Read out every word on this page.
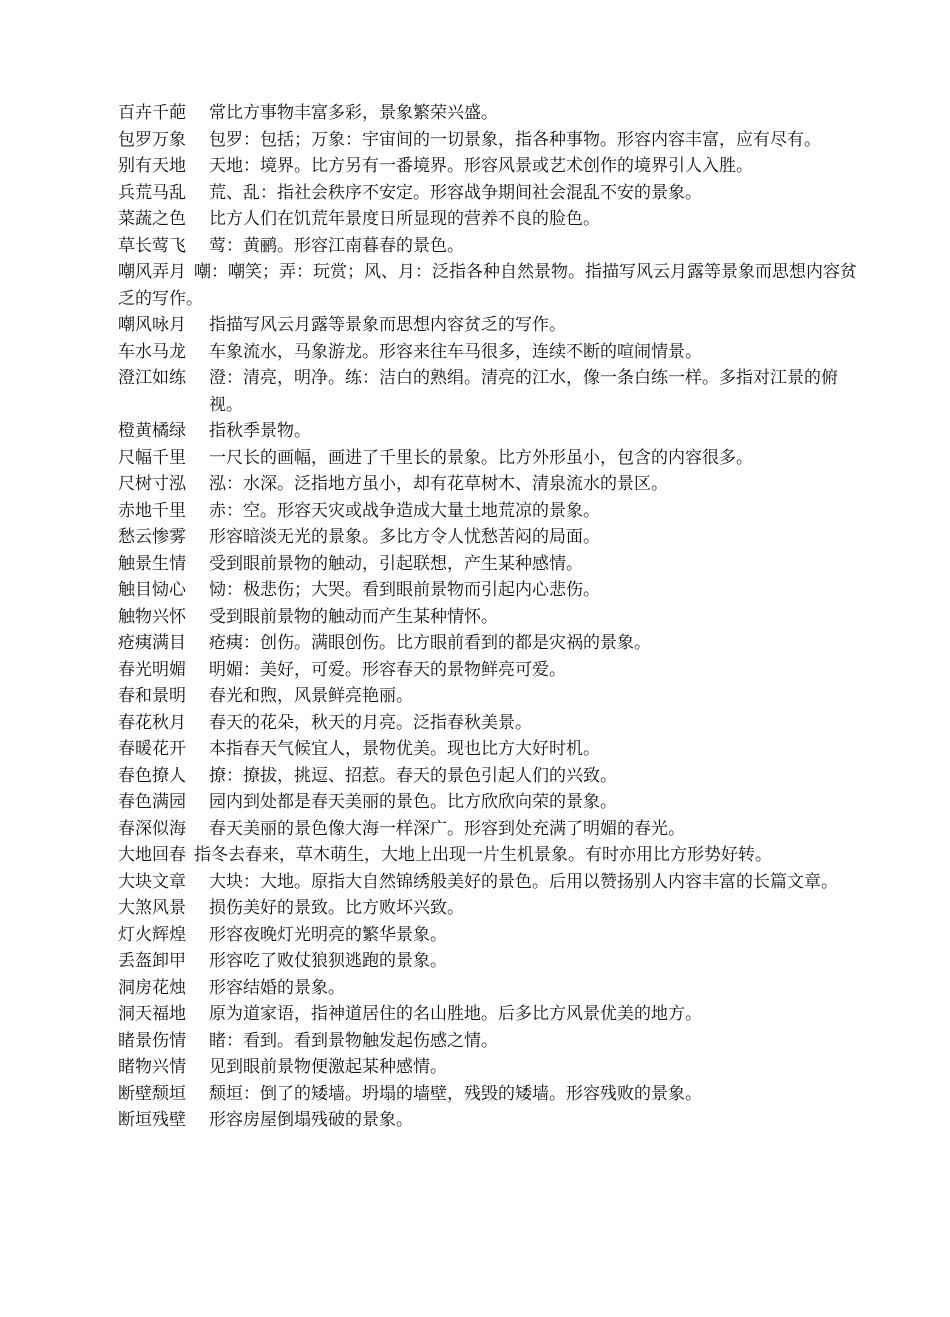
百卉千葩	常比方事物丰富多彩，景象繁荣兴盛。
包罗万象	包罗：包括；万象：宇宙间的一切景象，指各种事物。形容内容丰富，应有尽有。
别有天地	天地：境界。比方另有一番境界。形容风景或艺术创作的境界引人入胜。
兵荒马乱	荒、乱：指社会秩序不安定。形容战争期间社会混乱不安的景象。
菜蔬之色	比方人们在饥荒年景度日所显现的营养不良的脸色。
草长莺飞	莺：黄鹂。形容江南暮春的景色。
嘲风弄月 嘲：嘲笑；弄：玩赏；风、月：泛指各种自然景物。指描写风云月露等景象而思想内容贫乏的写作。
嘲风咏月	指描写风云月露等景象而思想内容贫乏的写作。
车水马龙	车象流水，马象游龙。形容来往车马很多，连续不断的喧闹情景。
澄江如练	澄：清亮，明净。练：洁白的熟绢。清亮的江水，像一条白练一样。多指对江景的俯视。
橙黄橘绿	指秋季景物。
尺幅千里	一尺长的画幅，画进了千里长的景象。比方外形虽小，包含的内容很多。
尺树寸泓	泓：水深。泛指地方虽小，却有花草树木、清泉流水的景区。
赤地千里	赤：空。形容天灾或战争造成大量土地荒凉的景象。
愁云惨雾	形容暗淡无光的景象。多比方令人忧愁苦闷的局面。
触景生情	受到眼前景物的触动，引起联想，产生某种感情。
触目恸心	恸：极悲伤；大哭。看到眼前景物而引起内心悲伤。
触物兴怀	受到眼前景物的触动而产生某种情怀。
疮痍满目	疮痍：创伤。满眼创伤。比方眼前看到的都是灾祸的景象。
春光明媚	明媚：美好，可爱。形容春天的景物鲜亮可爱。
春和景明	春光和煦，风景鲜亮艳丽。
春花秋月	春天的花朵，秋天的月亮。泛指春秋美景。
春暖花开	本指春天气候宜人，景物优美。现也比方大好时机。
春色撩人	撩：撩拔，挑逗、招惹。春天的景色引起人们的兴致。
春色满园	园内到处都是春天美丽的景色。比方欣欣向荣的景象。
春深似海	春天美丽的景色像大海一样深广。形容到处充满了明媚的春光。
大地回春 指冬去春来，草木萌生，大地上出现一片生机景象。有时亦用比方形势好转。
大块文章	大块：大地。原指大自然锦绣般美好的景色。后用以赞扬别人内容丰富的长篇文章。
大煞风景	损伤美好的景致。比方败坏兴致。
灯火辉煌	形容夜晚灯光明亮的繁华景象。
丢盔卸甲	形容吃了败仗狼狈逃跑的景象。
洞房花烛	形容结婚的景象。
洞天福地	原为道家语，指神道居住的名山胜地。后多比方风景优美的地方。
睹景伤情	睹：看到。看到景物触发起伤感之情。
睹物兴情	见到眼前景物便激起某种感情。
断壁颓垣	颓垣：倒了的矮墙。坍塌的墙壁，残毁的矮墙。形容残败的景象。
断垣残壁	形容房屋倒塌残破的景象。
